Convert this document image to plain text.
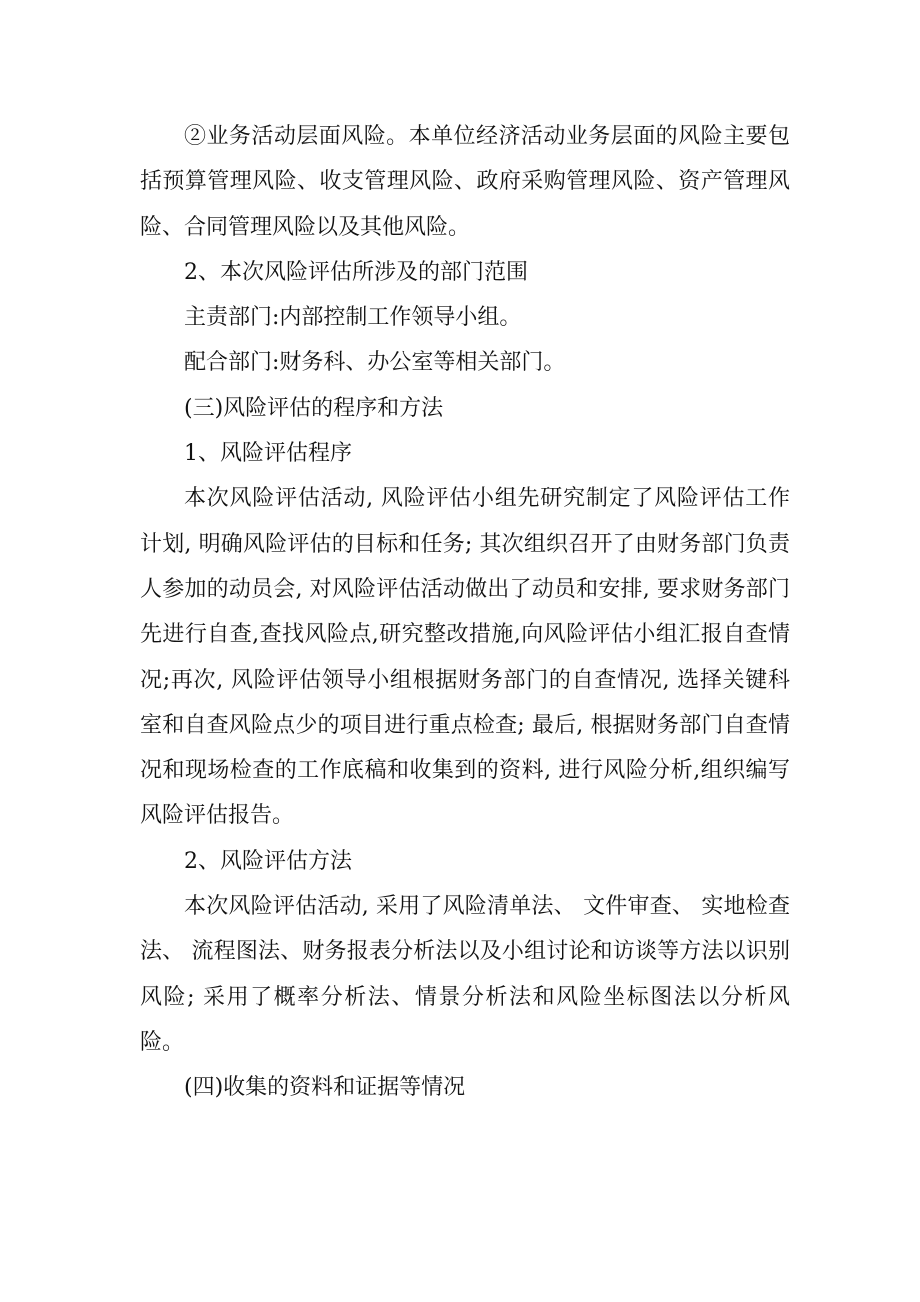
②业务活动层面风险。本单位经济活动业务层面的风险主要包括预算管理风险、收支管理风险、政府采购管理风险、资产管理风险、合同管理风险以及其他风险。

2、本次风险评估所涉及的部门范围

主责部门:内部控制工作领导小组。

配合部门:财务科、办公室等相关部门。

(三)风险评估的程序和方法

1、风险评估程序

本次风险评估活动, 风险评估小组先研究制定了风险评估工作计划, 明确风险评估的目标和任务; 其次组织召开了由财务部门负责人参加的动员会, 对风险评估活动做出了动员和安排, 要求财务部门先进行自查,查找风险点,研究整改措施,向风险评估小组汇报自查情况;再次, 风险评估领导小组根据财务部门的自查情况, 选择关键科室和自查风险点少的项目进行重点检查; 最后, 根据财务部门自查情况和现场检查的工作底稿和收集到的资料, 进行风险分析,组织编写风险评估报告。

2、风险评估方法

本次风险评估活动, 采用了风险清单法、 文件审查、 实地检查法、 流程图法、财务报表分析法以及小组讨论和访谈等方法以识别风险; 采用了概率分析法、情景分析法和风险坐标图法以分析风险。

(四)收集的资料和证据等情况
